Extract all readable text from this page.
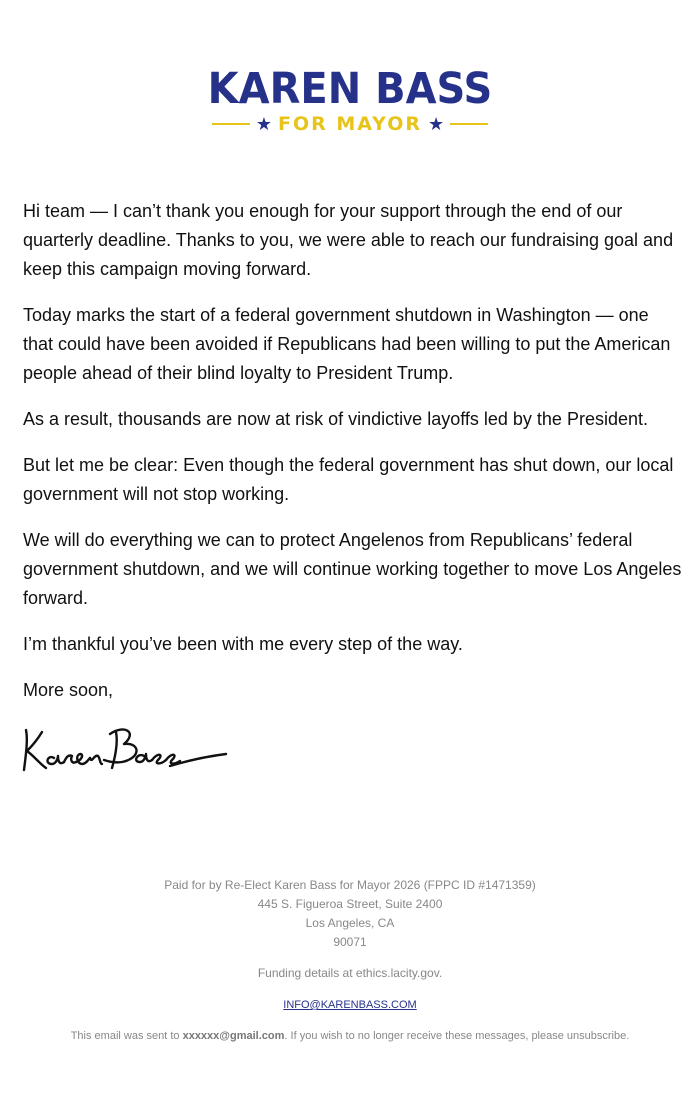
KAREN BASS
★ FOR MAYOR ★

Hi team — I can’t thank you enough for your support through the end of our quarterly deadline. Thanks to you, we were able to reach our fundraising goal and keep this campaign moving forward.

Today marks the start of a federal government shutdown in Washington — one that could have been avoided if Republicans had been willing to put the American people ahead of their blind loyalty to President Trump.

As a result, thousands are now at risk of vindictive layoffs led by the President.

But let me be clear: Even though the federal government has shut down, our local government will not stop working.

We will do everything we can to protect Angelenos from Republicans’ federal government shutdown, and we will continue working together to move Los Angeles forward.

I’m thankful you’ve been with me every step of the way.

More soon,
Paid for by Re-Elect Karen Bass for Mayor 2026 (FPPC ID #1471359)
445 S. Figueroa Street, Suite 2400
Los Angeles, CA
90071
Funding details at ethics.lacity.gov.
INFO@KARENBASS.COM
This email was sent to xxxxxx@gmail.com. If you wish to no longer receive these messages, please unsubscribe.
